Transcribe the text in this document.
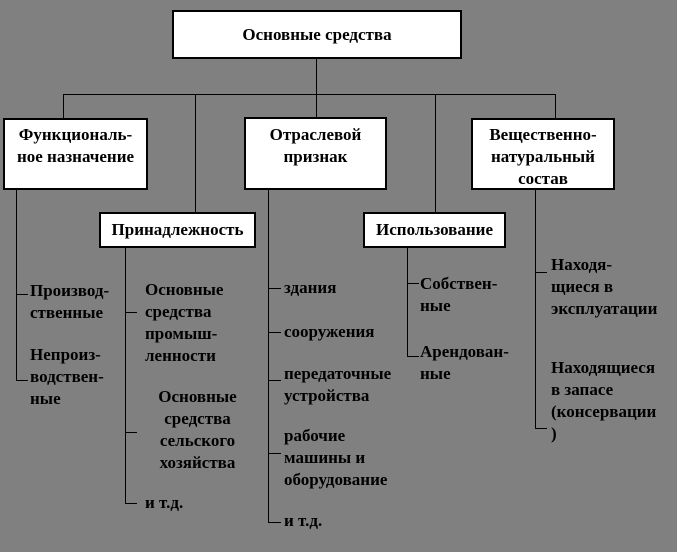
Основные средства
Функциональ-
ное назначение
Отраслевой
признак
Вещественно-
натуральный
состав
Принадлежность	Использование
Производ-
ственные
Непроиз-
водствен-
ные
Основные
средства
промыш-
ленности
Основные
средства
сельского
хозяйства
и т.д.
здания
сооружения
передаточные
устройства
рабочие
машины и
оборудование
и т.д.
Собствен-
ные
Арендован-
ные
Находя-
щиеся в
эксплуатации
Находящиеся
в запасе
(консервации
)
